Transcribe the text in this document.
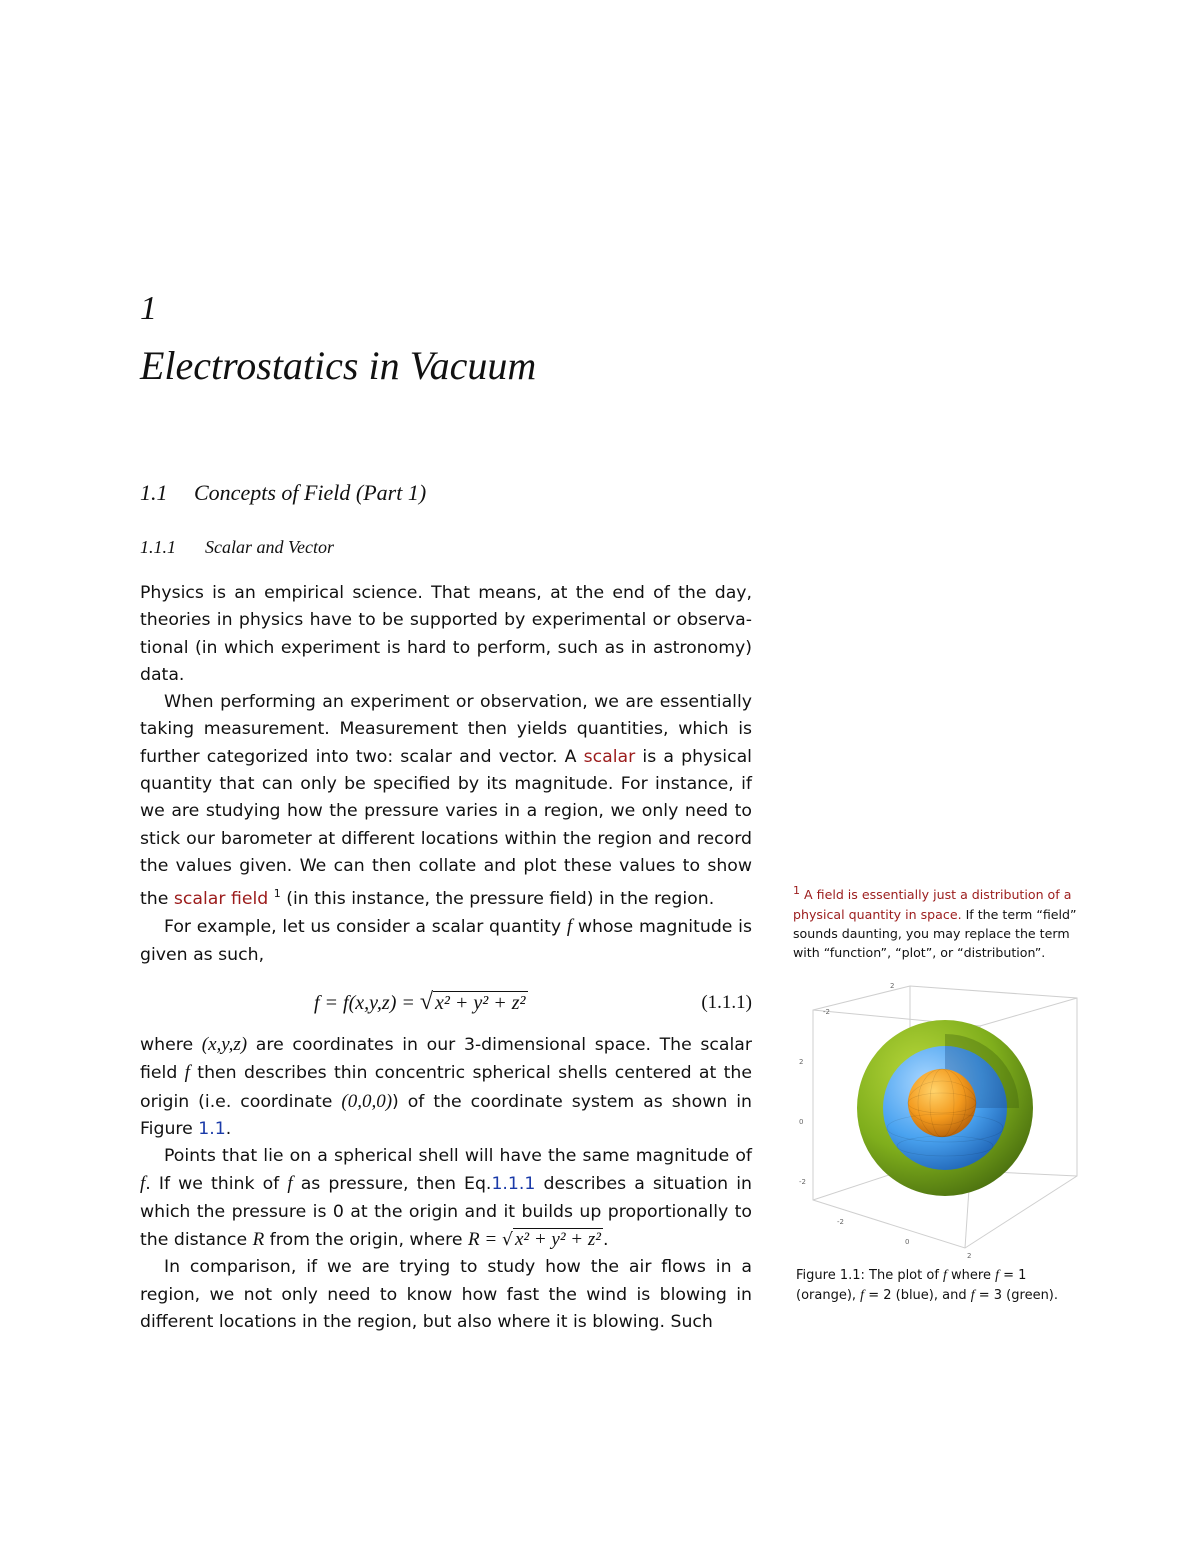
1
Electrostatics in Vacuum
1.1 Concepts of Field (Part 1)
1.1.1 Scalar and Vector

Physics is an empirical science. That means, at the end of the day, theories in physics have to be supported by experimental or observational (in which experiment is hard to perform, such as in astronomy) data.

When performing an experiment or observation, we are essentially taking measurement. Measurement then yields quantities, which is further categorized into two: scalar and vector. A scalar is a physical quantity that can only be specified by its magnitude. For instance, if we are studying how the pressure varies in a region, we only need to stick our barometer at different locations within the region and record the values given. We can then collate and plot these values to show the scalar field $^1$ (in this instance, the pressure field) in the region.

For example, let us consider a scalar quantity f whose magnitude is given as such,

f = f(x,y,z) = √ x² + y² + z²	(1.1.1)

where (x,y,z) are coordinates in our 3-dimensional space. The scalar field f then describes thin concentric spherical shells centered at the origin (i.e. coordinate (0,0,0)) of the coordinate system as shown in Figure 1.1.

Points that lie on a spherical shell will have the same magnitude of f. If we think of f as pressure, then Eq.1.1.1 describes a situation in which the pressure is 0 at the origin and it builds up proportionally to the distance R from the origin, where R = √ x² + y² + z² .

In comparison, if we are trying to study how the air flows in a region, we not only need to know how fast the wind is blowing in different locations in the region, but also where it is blowing. Such

1 A field is essentially just a distribution of a physical quantity in space. If the term “field” sounds daunting, you may replace the term with “function”, “plot”, or “distribution”.
-2
2
0
-2
-2
0
2
2
Figure 1.1: The plot of f where f = 1 (orange), f = 2 (blue), and f = 3 (green).
